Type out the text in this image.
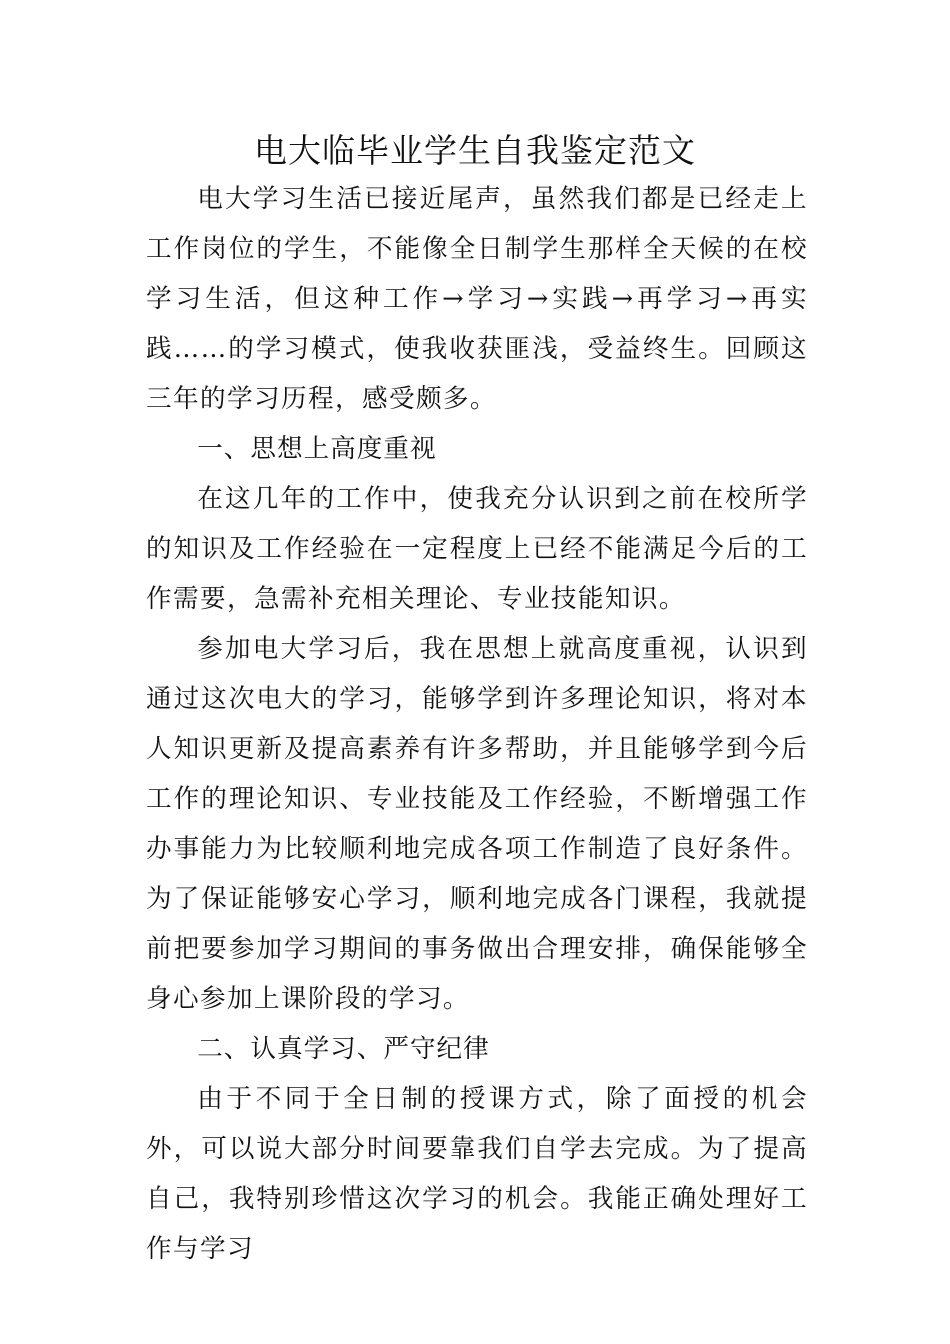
电大临毕业学生自我鉴定范文

电大学习生活已接近尾声，虽然我们都是已经走上工作岗位的学生，不能像全日制学生那样全天候的在校学习生活，但这种工作→学习→实践→再学习→再实践……的学习模式，使我收获匪浅，受益终生。回顾这三年的学习历程，感受颇多。

一、思想上高度重视

在这几年的工作中，使我充分认识到之前在校所学的知识及工作经验在一定程度上已经不能满足今后的工作需要，急需补充相关理论、专业技能知识。

参加电大学习后，我在思想上就高度重视，认识到通过这次电大的学习，能够学到许多理论知识，将对本人知识更新及提高素养有许多帮助，并且能够学到今后工作的理论知识、专业技能及工作经验，不断增强工作办事能力为比较顺利地完成各项工作制造了良好条件。为了保证能够安心学习，顺利地完成各门课程，我就提前把要参加学习期间的事务做出合理安排，确保能够全身心参加上课阶段的学习。

二、认真学习、严守纪律

由于不同于全日制的授课方式，除了面授的机会外，可以说大部分时间要靠我们自学去完成。为了提高自己，我特别珍惜这次学习的机会。我能正确处理好工作与学习
